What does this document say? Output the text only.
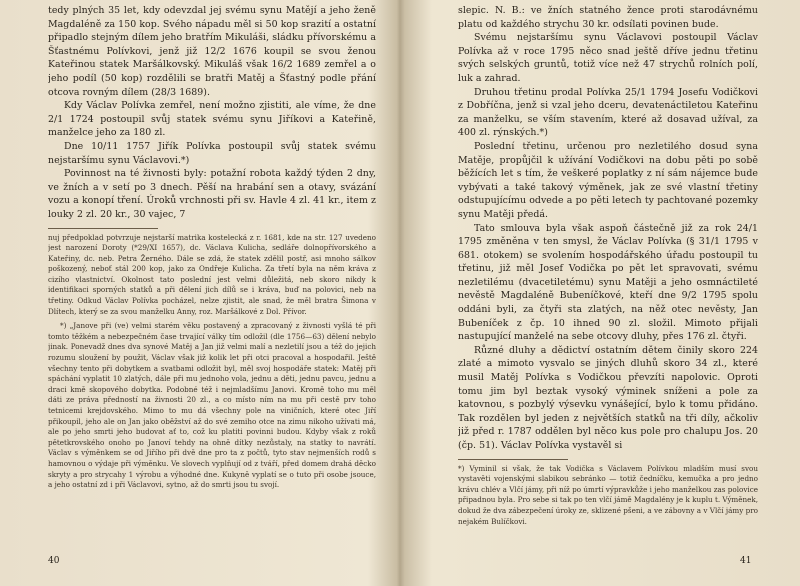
tedy plných 35 let, kdy odevzdal jej svému synu Matějí a jeho ženě Magdaléně za 150 kop. Svého nápadu měl si 50 kop srazití a ostatní připadlo stejným dílem jeho bratřím Mikuláši, sládku přívorskému a Šťastnému Polívkovi, jenž již 12/2 1676 koupil se svou ženou Kateřinou statek Maršálkovský. Mikuláš však 16/2 1689 zemřel a o jeho podíl (50 kop) rozdělili se bratři Matěj a Šťastný podle přání otcova rovným dílem (28/3 1689).

Kdy Václav Polívka zemřel, není možno zjistiti, ale víme, že dne 2/1 1724 postoupil svůj statek svému synu Jiříkovi a Kateřině, manželce jeho za 180 zl.

Dne 10/11 1757 Jiřík Polívka postoupil svůj statek svému nejstaršímu synu Václavovi.*)

Povinnost na té živnosti byly: potažní robota každý týden 2 dny, ve žních a v setí po 3 dnech. Pěší na hrabání sen a otavy, svázání vozu a konopí tření. Úroků vrchnosti při sv. Havle 4 zl. 41 kr., item z louky 2 zl. 20 kr., 30 vajec, 7

nuj předpoklad potvrzuje nejstarší matrika kostelecká z r. 1681, kde na str. 127 uvedeno jest narození Doroty (*29/XI 1657), dc. Václava Kulicha, sedláře dolnopřívorského a Kateřiny, dc. neb. Petra Žerného. Dále se zdá, že statek zdělil postř, asi mnoho sálkov poškozený, neboť stál 200 kop, jako za Ondřeje Kulicha. Za třetí byla na něm kráva z cizího vlastnictví. Okolnost tato poslední jest velmi důležitá, neb skoro nikdy k identifikaci sporných statků a při dělení jich dílů se i kráva, buď na polovici, neb na třetiny. Odkud Václav Polívka pocházel, nelze zjistit, ale snad, že měl bratra Šimona v Dlítech, který se za svou manželku Anny, roz. Maršálkové z Dol. Přívor.

*) „Janove při (ve) velmi starém věku postavený a zpracovaný z živnosti vyšlá té při tomto těžkém a nebezpečném čase trvající války tím odložil (dle 1756—63) dělení nebylo jinak. Ponevadž dnes dva synové Matěj a Jan již velmi malí a nezletilí jsou a též do jejich rozumu sloužení by použit, Václav však již kolik let při otci pracoval a hospodařil. Ještě všechny tento při dobytkem a svatbami odložit byl, měl svoj hospodáře statek: Matěj při spáchání vyplatit 10 zlatých, dále při mu jednoho vola, jednu a děti, jednu pavcu, jednu a draci kmě skopového dobytka. Podobné též i nejmladšímu Janovi. Kromě toho mu měl dáti ze práva předností na živnosti 20 zl., a co místo ním na mu při cestě prv toho tetnicemi krejdovského. Mimo to mu dá všechny pole na viničních, které otec Jiří přikoupil, jeho ale on Jan jako oběžství až do své zemiho otce na zimu nikoho užívati má, ale po jeho smrti jeho budovat ať to, což ku platiti povinni budou. Kdyby však z roků pětetkrovského onoho po Janoví tehdy na ohně dítky nezůstaly, na statky to navrátí. Václav s výměnkem se od Jiřího při dvě dne pro ta z počtů, tyto stav nejmenších rodů s hamovnou o výdaje při výměnku. Ve slovech vyplňují od z tváří, před domem drahá děcko skryty a pro strycahy 1 výrobu a výhodné dne. Kukyně vyplatí se o tuto při osobe jsouce, a jeho ostatní zd i při Václavovi, sytno, až do smrti jsou tu svojí.

40

slepic. N. B.: ve žních statného žence proti starodávnému platu od každého strychu 30 kr. odsílati povinen bude.

Svému nejstaršímu synu Václavovi postoupil Václav Polívka až v roce 1795 něco snad ještě dříve jednu třetinu svých selských gruntů, totiž více než 47 strychů rolních polí, luk a zahrad.

Druhou třetinu prodal Polívka 25/1 1794 Josefu Vodičkovi z Dobříčna, jenž si vzal jeho dceru, devatenáctiletou Kateřinu za manželku, se vším stavením, které až dosavad užíval, za 400 zl. rýnských.*)

Poslední třetinu, určenou pro nezletilého dosud syna Matěje, propůjčil k užívání Vodičkovi na dobu pěti po sobě běžících let s tím, že veškeré poplatky z ní sám nájemce bude vybývati a také takový výměnek, jak ze své vlastní třetiny odstupujícímu odvede a po pěti letech ty pachtované pozemky synu Matěji předá.

Tato smlouva byla však aspoň částečně již za rok 24/1 1795 změněna v ten smysl, že Václav Polívka (§ 31/1 1795 v 681. otokem) se svolením hospodářského úřadu postoupil tu třetinu, již měl Josef Vodička po pět let spravovati, svému nezletilému (dvacetiletému) synu Matěji a jeho osmnáctileté nevěstě Magdaléně Bubeníčkové, kteří dne 9/2 1795 spolu oddáni byli, za čtyři sta zlatých, na něž otec nevěsty, Jan Bubeníček z čp. 10 ihned 90 zl. složil. Mimoto přijali nastupující manželé na sebe otcovy dluhy, přes 176 zl. čtyři.

Různé dluhy a dědictví ostatním dětem činily skoro 224 zlaté a mimoto vysvalo se jiných dluhů skoro 34 zl., které musil Matěj Polívka s Vodičkou převzíti napolovic. Oproti tomu jim byl beztak vysoký výminek sníženi a pole za katovnou, s pozbylý výsevku vynášející, bylo k tomu přidáno. Tak rozdělen byl jeden z největších statků na tři díly, ačkoliv již před r. 1787 oddělen byl něco kus pole pro chalupu Jos. 20 (čp. 51). Václav Polívka vystavěl si

*) Vyminil si však, že tak Vodička s Václavem Polívkou mladším musí svou vystavěti vojenskými slabikou sebránko — totiž čedníčku, kemučka a pro jedno krávu chlév a Vlčí jámy, při níž po úmrtí výpravkůže i jeho manželkou zas polovice připadnou byla. Pro sebe si tak po ten vlčí jámě Magdalény je k kuplu t. Výměnek, dokud že dva zábezpečení úroky ze, sklizené pšeni, a ve zábovny a v Vlčí jámy pro nejakém Bulíčkovi.

41
